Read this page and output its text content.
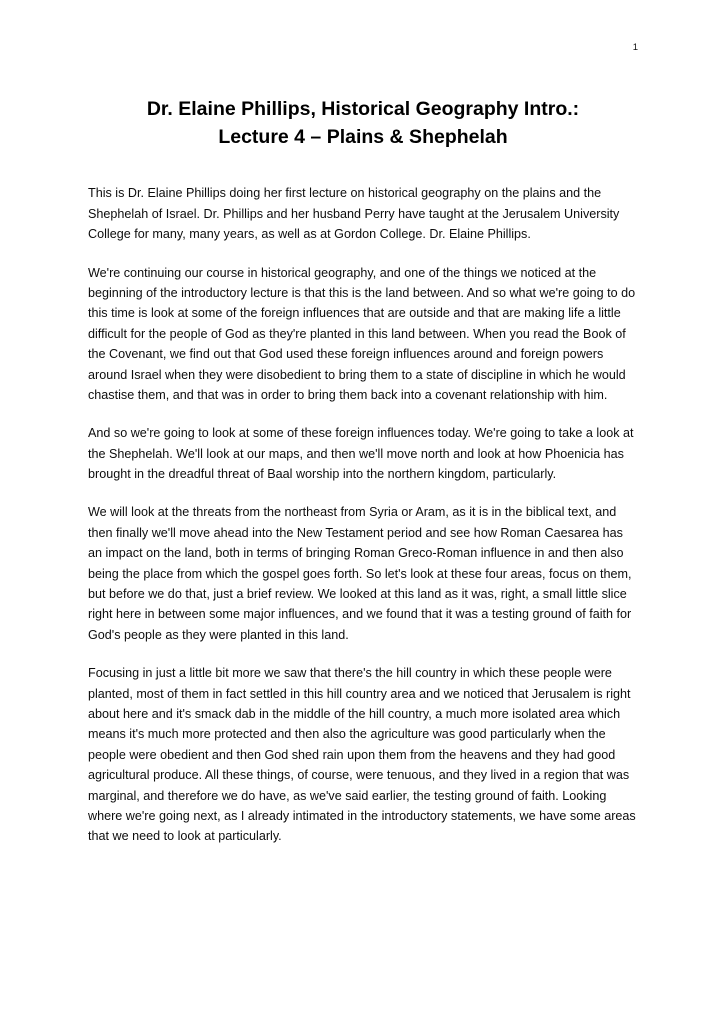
1
Dr. Elaine Phillips, Historical Geography Intro.:
Lecture 4 – Plains & Shephelah

This is Dr. Elaine Phillips doing her first lecture on historical geography on the plains and the Shephelah of Israel. Dr. Phillips and her husband Perry have taught at the Jerusalem University College for many, many years, as well as at Gordon College. Dr. Elaine Phillips.

We're continuing our course in historical geography, and one of the things we noticed at the beginning of the introductory lecture is that this is the land between. And so what we're going to do this time is look at some of the foreign influences that are outside and that are making life a little difficult for the people of God as they're planted in this land between. When you read the Book of the Covenant, we find out that God used these foreign influences around and foreign powers around Israel when they were disobedient to bring them to a state of discipline in which he would chastise them, and that was in order to bring them back into a covenant relationship with him.

And so we're going to look at some of these foreign influences today. We're going to take a look at the Shephelah. We'll look at our maps, and then we'll move north and look at how Phoenicia has brought in the dreadful threat of Baal worship into the northern kingdom, particularly.

We will look at the threats from the northeast from Syria or Aram, as it is in the biblical text, and then finally we'll move ahead into the New Testament period and see how Roman Caesarea has an impact on the land, both in terms of bringing Roman Greco-Roman influence in and then also being the place from which the gospel goes forth. So let's look at these four areas, focus on them, but before we do that, just a brief review. We looked at this land as it was, right, a small little slice right here in between some major influences, and we found that it was a testing ground of faith for God's people as they were planted in this land.

Focusing in just a little bit more we saw that there's the hill country in which these people were planted, most of them in fact settled in this hill country area and we noticed that Jerusalem is right about here and it's smack dab in the middle of the hill country, a much more isolated area which means it's much more protected and then also the agriculture was good particularly when the people were obedient and then God shed rain upon them from the heavens and they had good agricultural produce. All these things, of course, were tenuous, and they lived in a region that was marginal, and therefore we do have, as we've said earlier, the testing ground of faith. Looking where we're going next, as I already intimated in the introductory statements, we have some areas that we need to look at particularly.
